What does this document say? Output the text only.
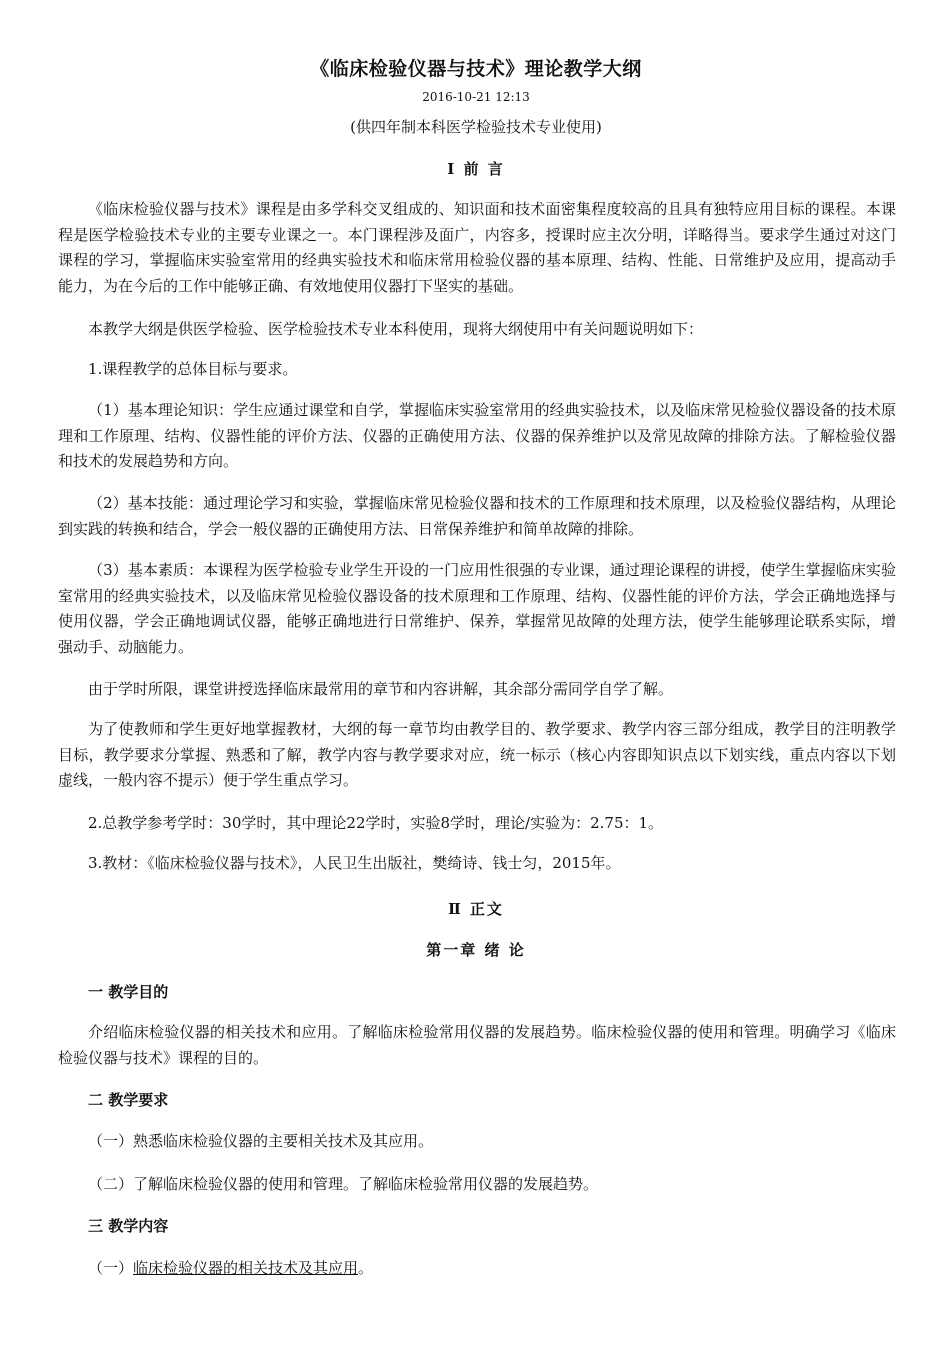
《临床检验仪器与技术》理论教学大纲
2016-10-21 12:13
(供四年制本科医学检验技术专业使用)
Ⅰ 前 言

《临床检验仪器与技术》课程是由多学科交叉组成的、知识面和技术面密集程度较高的且具有独特应用目标的课程。本课程是医学检验技术专业的主要专业课之一。本门课程涉及面广，内容多，授课时应主次分明，详略得当。要求学生通过对这门课程的学习，掌握临床实验室常用的经典实验技术和临床常用检验仪器的基本原理、结构、性能、日常维护及应用，提高动手能力，为在今后的工作中能够正确、有效地使用仪器打下坚实的基础。

本教学大纲是供医学检验、医学检验技术专业本科使用，现将大纲使用中有关问题说明如下：

1.课程教学的总体目标与要求。

（1）基本理论知识：学生应通过课堂和自学，掌握临床实验室常用的经典实验技术，以及临床常见检验仪器设备的技术原理和工作原理、结构、仪器性能的评价方法、仪器的正确使用方法、仪器的保养维护以及常见故障的排除方法。了解检验仪器和技术的发展趋势和方向。

（2）基本技能：通过理论学习和实验，掌握临床常见检验仪器和技术的工作原理和技术原理，以及检验仪器结构，从理论到实践的转换和结合，学会一般仪器的正确使用方法、日常保养维护和简单故障的排除。

（3）基本素质：本课程为医学检验专业学生开设的一门应用性很强的专业课，通过理论课程的讲授，使学生掌握临床实验室常用的经典实验技术，以及临床常见检验仪器设备的技术原理和工作原理、结构、仪器性能的评价方法，学会正确地选择与使用仪器，学会正确地调试仪器，能够正确地进行日常维护、保养，掌握常见故障的处理方法，使学生能够理论联系实际，增强动手、动脑能力。

由于学时所限，课堂讲授选择临床最常用的章节和内容讲解，其余部分需同学自学了解。

为了使教师和学生更好地掌握教材，大纲的每一章节均由教学目的、教学要求、教学内容三部分组成，教学目的注明教学目标，教学要求分掌握、熟悉和了解，教学内容与教学要求对应，统一标示（核心内容即知识点以下划实线，重点内容以下划虚线，一般内容不提示）便于学生重点学习。

2.总教学参考学时：30学时，其中理论22学时，实验8学时，理论/实验为：2.75：1。

3.教材：《临床检验仪器与技术》，人民卫生出版社，樊绮诗、钱士匀，2015年。

Ⅱ 正文
第一章 绪 论

一 教学目的

介绍临床检验仪器的相关技术和应用。了解临床检验常用仪器的发展趋势。临床检验仪器的使用和管理。明确学习《临床检验仪器与技术》课程的目的。

二 教学要求

（一）熟悉临床检验仪器的主要相关技术及其应用。

（二）了解临床检验仪器的使用和管理。了解临床检验常用仪器的发展趋势。

三 教学内容

（一）临床检验仪器的相关技术及其应用。
